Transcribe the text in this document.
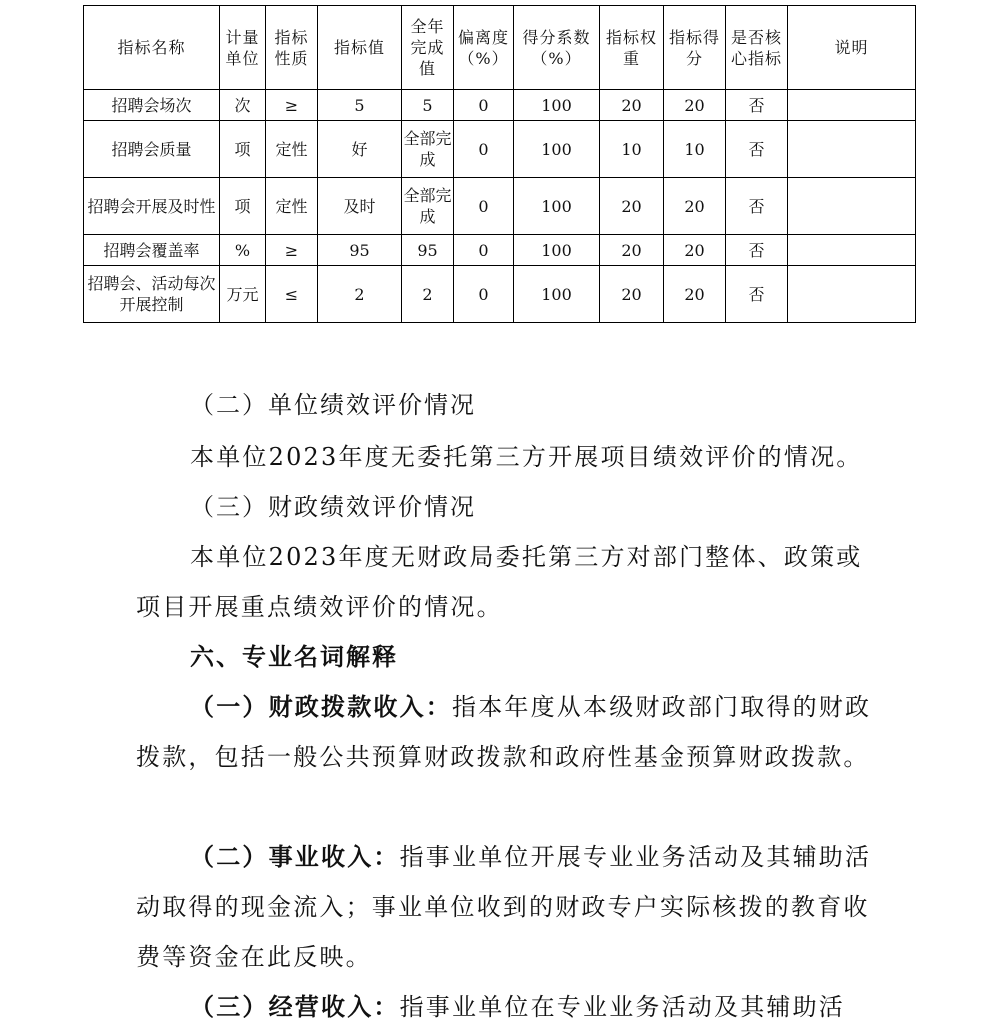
指标名称	计量单位	指标性质	指标值	全年完成值	偏离度（%）	得分系数（%）	指标权重	指标得分	是否核心指标	说明
招聘会场次	次	≥	5	5	0	100	20	20	否	
招聘会质量	项	定性	好	全部完成	0	100	10	10	否	
招聘会开展及时性	项	定性	及时	全部完成	0	100	20	20	否	
招聘会覆盖率	%	≥	95	95	0	100	20	20	否	
招聘会、活动每次开展控制	万元	≤	2	2	0	100	20	20	否	

（二）单位绩效评价情况

本单位2023年度无委托第三方开展项目绩效评价的情况。

（三）财政绩效评价情况

本单位2023年度无财政局委托第三方对部门整体、政策或项目开展重点绩效评价的情况。

六、专业名词解释

（一）财政拨款收入：指本年度从本级财政部门取得的财政拨款，包括一般公共预算财政拨款和政府性基金预算财政拨款。

（二）事业收入：指事业单位开展专业业务活动及其辅助活动取得的现金流入；事业单位收到的财政专户实际核拨的教育收费等资金在此反映。

（三）经营收入：指事业单位在专业业务活动及其辅助活
